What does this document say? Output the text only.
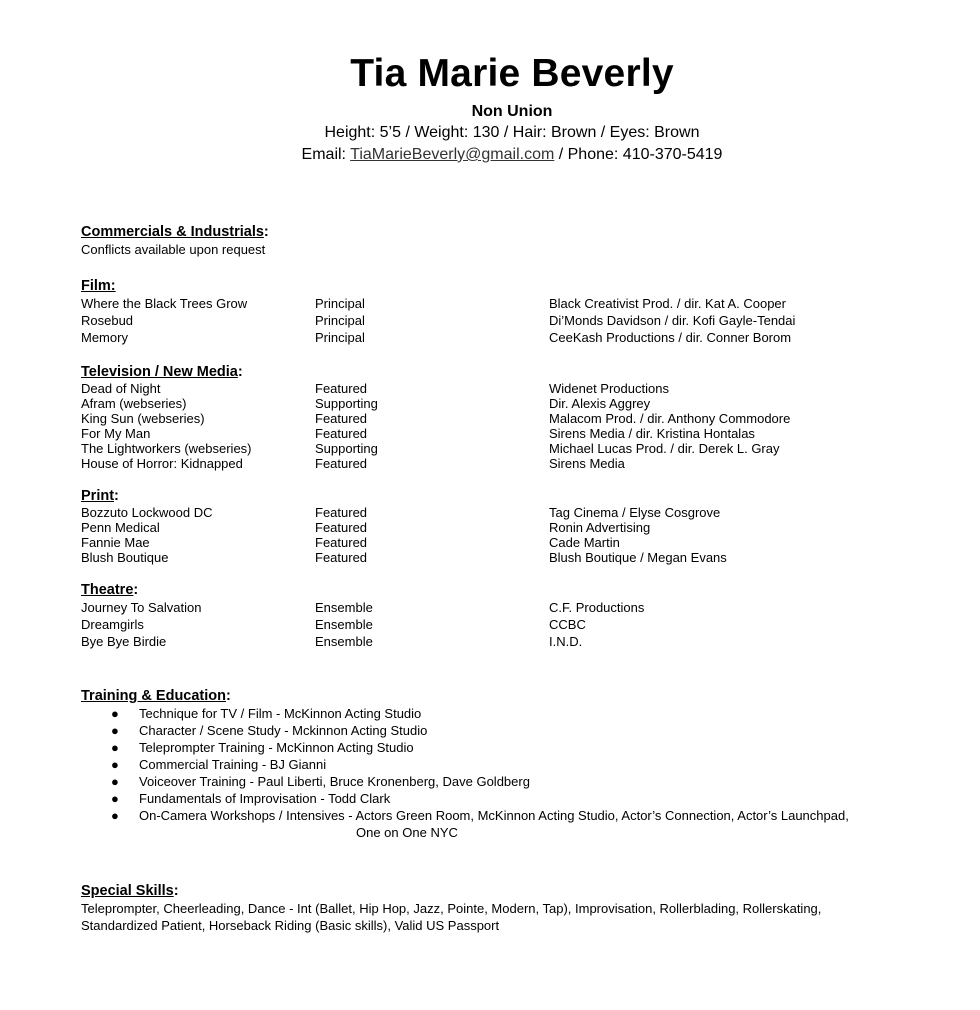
Tia Marie Beverly
Non Union
Height: 5’5 / Weight: 130 / Hair: Brown / Eyes: Brown
Email: TiaMarieBeverly@gmail.com / Phone: 410-370-5419
Commercials & Industrials:
Conflicts available upon request
Film:
Where the Black Trees Grow	Principal	Black Creativist Prod. / dir. Kat A. Cooper
Rosebud	Principal	Di’Monds Davidson / dir. Kofi Gayle-Tendai
Memory	Principal	CeeKash Productions / dir. Conner Borom
Television / New Media:
Dead of Night	Featured	Widenet Productions
Afram (webseries)	Supporting	Dir. Alexis Aggrey
King Sun (webseries)	Featured	Malacom Prod. / dir. Anthony Commodore
For My Man	Featured	Sirens Media / dir. Kristina Hontalas
The Lightworkers (webseries)	Supporting	Michael Lucas Prod. / dir. Derek L. Gray
House of Horror: Kidnapped	Featured	Sirens Media
Print:
Bozzuto Lockwood DC	Featured	Tag Cinema / Elyse Cosgrove
Penn Medical	Featured	Ronin Advertising
Fannie Mae	Featured	Cade Martin
Blush Boutique	Featured	Blush Boutique / Megan Evans
Theatre:
Journey To Salvation	Ensemble	C.F. Productions
Dreamgirls	Ensemble	CCBC
Bye Bye Birdie	Ensemble	I.N.D.
Training & Education:
● Technique for TV / Film - McKinnon Acting Studio
● Character / Scene Study - Mckinnon Acting Studio
● Teleprompter Training - McKinnon Acting Studio
● Commercial Training - BJ Gianni
● Voiceover Training - Paul Liberti, Bruce Kronenberg, Dave Goldberg
● Fundamentals of Improvisation - Todd Clark
● On-Camera Workshops / Intensives - Actors Green Room, McKinnon Acting Studio, Actor’s Connection, Actor’s Launchpad,
One on One NYC
Special Skills:
Teleprompter, Cheerleading, Dance - Int (Ballet, Hip Hop, Jazz, Pointe, Modern, Tap), Improvisation, Rollerblading, Rollerskating, Standardized Patient, Horseback Riding (Basic skills), Valid US Passport
